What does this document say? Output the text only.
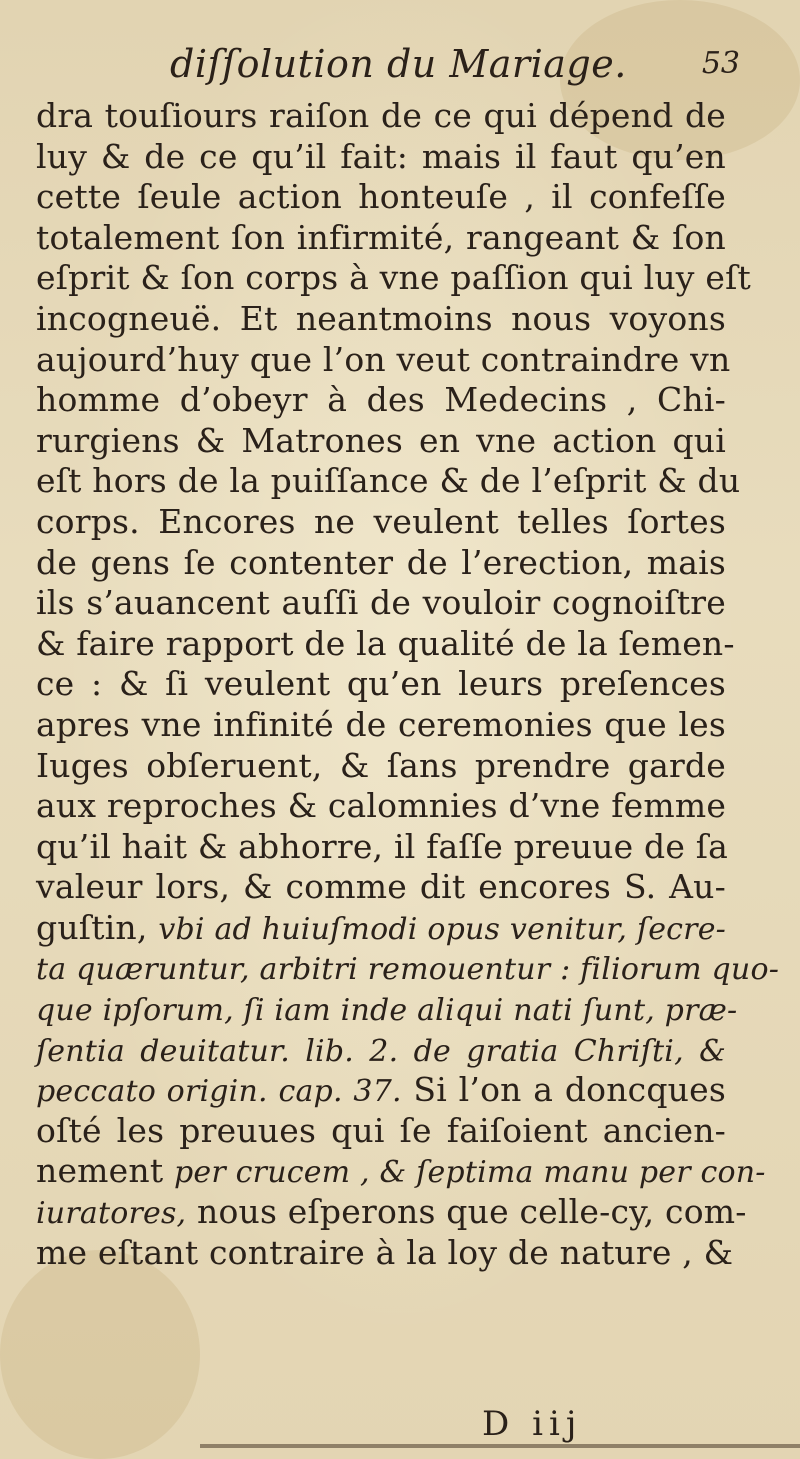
diſſolution du Mariage.	53
dra touſiours raiſon de ce qui dépend de
luy & de ce qu’il fait: mais il faut qu’en
cette ſeule action honteuſe , il confeſſe
totalement ſon infirmité, rangeant & ſon
eſprit & ſon corps à vne paſſion qui luy eſt
incogneuë. Et neantmoins nous voyons
aujourd’huy que l’on veut contraindre vn
homme d’obeyr à des Medecins , Chi-
rurgiens & Matrones en vne action qui
eſt hors de la puiſſance & de l’eſprit & du
corps. Encores ne veulent telles ſortes
de gens ſe contenter de l’erection, mais
ils s’auancent auſſi de vouloir cognoiſtre
& faire rapport de la qualité de la ſemen-
ce : & ſi veulent qu’en leurs preſences
apres vne infinité de ceremonies que les
Iuges obſeruent, & ſans prendre garde
aux reproches & calomnies d’vne femme
qu’il hait & abhorre, il faſſe preuue de ſa
valeur lors, & comme dit encores S. Au-
guſtin, vbi ad huiuſmodi opus venitur, ſecre-
ta quæruntur, arbitri remouentur : filiorum quo-
que ipſorum, ſi iam inde aliqui nati ſunt, præ-
ſentia deuitatur. lib. 2. de gratia Chriſti, &
peccato origin. cap. 37. Si l’on a doncques
oſté les preuues qui ſe faiſoient ancien-
nement per crucem , & ſeptima manu per con-
iuratores, nous eſperons que celle-cy, com-
me eſtant contraire à la loy de nature , &
D iij
